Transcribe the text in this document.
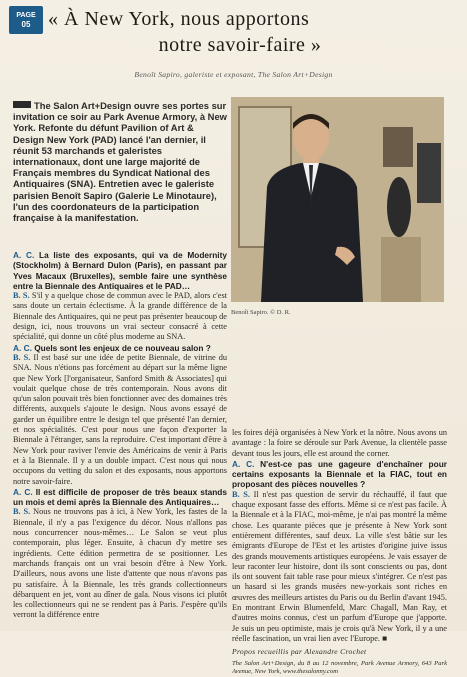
PAGE
05 « À New York, nous apportons
notre savoir-faire »
Benoît Sapiro, galeriste et exposant, The Salon Art+Design
The Salon Art+Design ouvre ses portes sur invitation ce soir au Park Avenue Armory, à New York. Refonte du défunt Pavilion of Art & Design New York (PAD) lancé l'an dernier, il réunit 53 marchands et galeristes internationaux, dont une large majorité de Français membres du Syndicat National des Antiquaires (SNA). Entretien avec le galeriste parisien Benoît Sapiro (Galerie Le Minotaure), l'un des coordonateurs de la participation française à la manifestation.
Benoît Sapiro. © D. R.

A. C. La liste des exposants, qui va de Modernity (Stockholm) à Bernard Dulon (Paris), en passant par Yves Macaux (Bruxelles), semble faire une synthèse entre la Biennale des Antiquaires et le PAD…

B. S. S'il y a quelque chose de commun avec le PAD, alors c'est sans doute un certain éclectisme. À la grande différence de la Biennale des Antiquaires, qui ne peut pas présenter beaucoup de design, ici, nous trouvons un vrai secteur consacré à cette spécialité, qui donne un côté plus moderne au SNA.

A. C. Quels sont les enjeux de ce nouveau salon ?

B. S. Il est basé sur une idée de petite Biennale, de vitrine du SNA. Nous n'étions pas forcément au départ sur la même ligne que New York [l'organisateur, Sanford Smith & Associates] qui voulait quelque chose de très contemporain. Nous avons dit qu'un salon pouvait très bien fonctionner avec des domaines très différents, auxquels s'ajoute le design. Nous avons essayé de garder un équilibre entre le design tel que présenté l'an dernier, et nos spécialités. C'est pour nous une façon d'exporter la Biennale à l'étranger, sans la reproduire. C'est important d'être à New York pour raviver l'envie des Américains de venir à Paris et à la Biennale. Il y a un double impact. C'est nous qui nous occupons du vetting du salon et des exposants, nous apportons notre savoir-faire.

A. C. Il est difficile de proposer de très beaux stands un mois et demi après la Biennale des Antiquaires…

B. S. Nous ne trouvons pas à ici, à New York, les fastes de la Biennale, il n'y a pas l'exigence du décor. Nous n'allons pas nous concurrencer nous-mêmes… Le Salon se veut plus contemporain, plus léger. Ensuite, à chacun d'y mettre ses ingrédients. Cette édition permettra de se positionner. Les marchands français ont un vrai besoin d'être à New York. D'ailleurs, nous avons une liste d'attente que nous n'avons pas pu satisfaire. À la Biennale, les très grands collectionneurs débarquent en jet, vont au dîner de gala. Nous visons ici plutôt les collectionneurs qui ne se rendent pas à Paris. J'espère qu'ils verront la différence entre

les foires déjà organisées à New York et la nôtre. Nous avons un avantage : la foire se déroule sur Park Avenue, la clientèle passe devant tous les jours, elle est around the corner.

A. C. N'est-ce pas une gageure d'enchaîner pour certains exposants la Biennale et la FIAC, tout en proposant des pièces nouvelles ?

B. S. Il n'est pas question de servir du réchauffé, il faut que chaque exposant fasse des efforts. Même si ce n'est pas facile. À la Biennale et à la FIAC, moi-même, je n'ai pas montré la même chose. Les quarante pièces que je présente à New York sont entièrement différentes, sauf deux. La ville s'est bâtie sur les émigrants d'Europe de l'Est et les artistes d'origine juive issus des grands mouvements artistiques européens. Je vais essayer de leur raconter leur histoire, dont ils sont conscients ou pas, dont ils ont souvent fait table rase pour mieux s'intégrer. Ce n'est pas un hasard si les grands musées new-yorkais sont riches en œuvres des meilleurs artistes du Paris ou du Berlin d'avant 1945. En montrant Erwin Blumenfeld, Marc Chagall, Man Ray, et d'autres moins connus, c'est un parfum d'Europe que j'apporte. Je suis un peu optimiste, mais je crois qu'à New York, il y a une réelle fascination, un vrai lien avec l'Europe. ■

Propos recueillis par Alexandre Crochet
The Salon Art+Design, du 8 au 12 novembre, Park Avenue Armory, 643 Park Avenue, New York, www.thesalonny.com
